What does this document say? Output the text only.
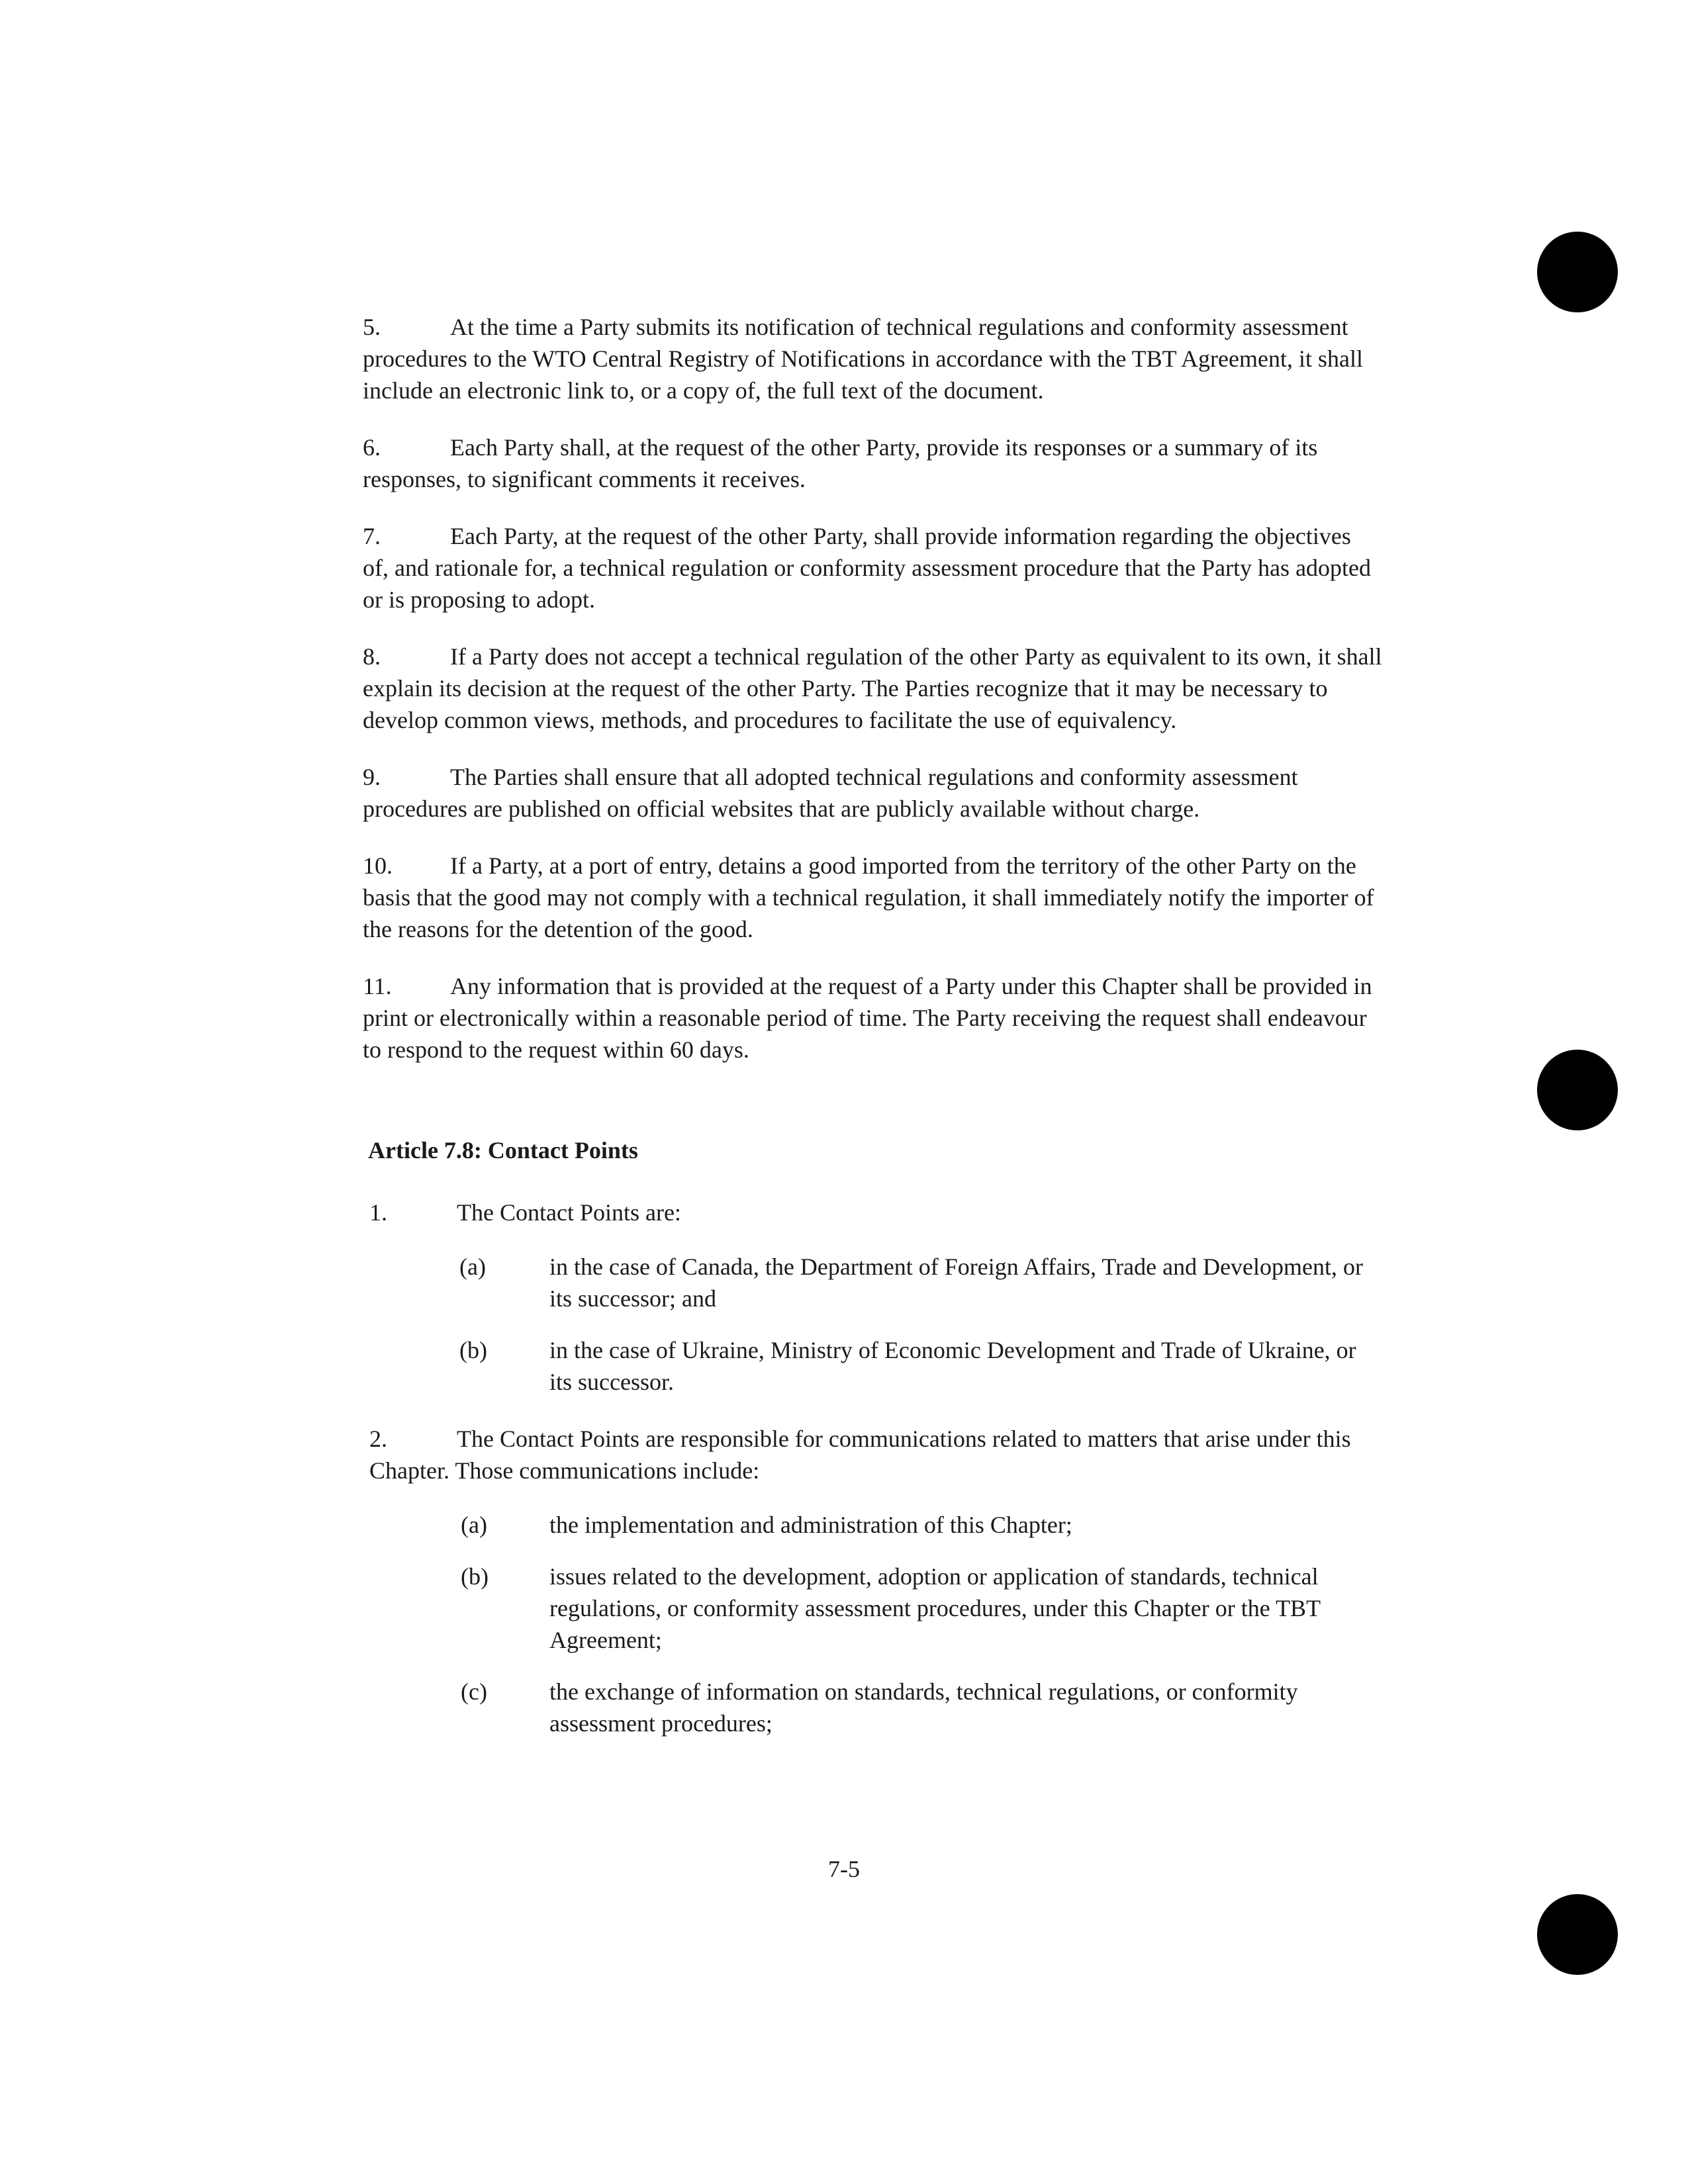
5.	At the time a Party submits its notification of technical regulations and conformity assessment procedures to the WTO Central Registry of Notifications in accordance with the TBT Agreement, it shall include an electronic link to, or a copy of, the full text of the document.

6.	Each Party shall, at the request of the other Party, provide its responses or a summary of its responses, to significant comments it receives.

7.	Each Party, at the request of the other Party, shall provide information regarding the objectives of, and rationale for, a technical regulation or conformity assessment procedure that the Party has adopted or is proposing to adopt.

8.	If a Party does not accept a technical regulation of the other Party as equivalent to its own, it shall explain its decision at the request of the other Party. The Parties recognize that it may be necessary to develop common views, methods, and procedures to facilitate the use of equivalency.

9.	The Parties shall ensure that all adopted technical regulations and conformity assessment procedures are published on official websites that are publicly available without charge.

10. If a Party, at a port of entry, detains a good imported from the territory of the other Party on the basis that the good may not comply with a technical regulation, it shall immediately notify the importer of the reasons for the detention of the good.

11. Any information that is provided at the request of a Party under this Chapter shall be provided in print or electronically within a reasonable period of time. The Party receiving the request shall endeavour to respond to the request within 60 days.

Article 7.8: Contact Points

1.	The Contact Points are:

(a)	in the case of Canada, the Department of Foreign Affairs, Trade and Development, or its successor; and
(b)	in the case of Ukraine, Ministry of Economic Development and Trade of Ukraine, or its successor.

2.	The Contact Points are responsible for communications related to matters that arise under this Chapter. Those communications include:

(a)	the implementation and administration of this Chapter;
(b)	issues related to the development, adoption or application of standards, technical regulations, or conformity assessment procedures, under this Chapter or the TBT Agreement;
(c)	the exchange of information on standards, technical regulations, or conformity assessment procedures;
7-5
